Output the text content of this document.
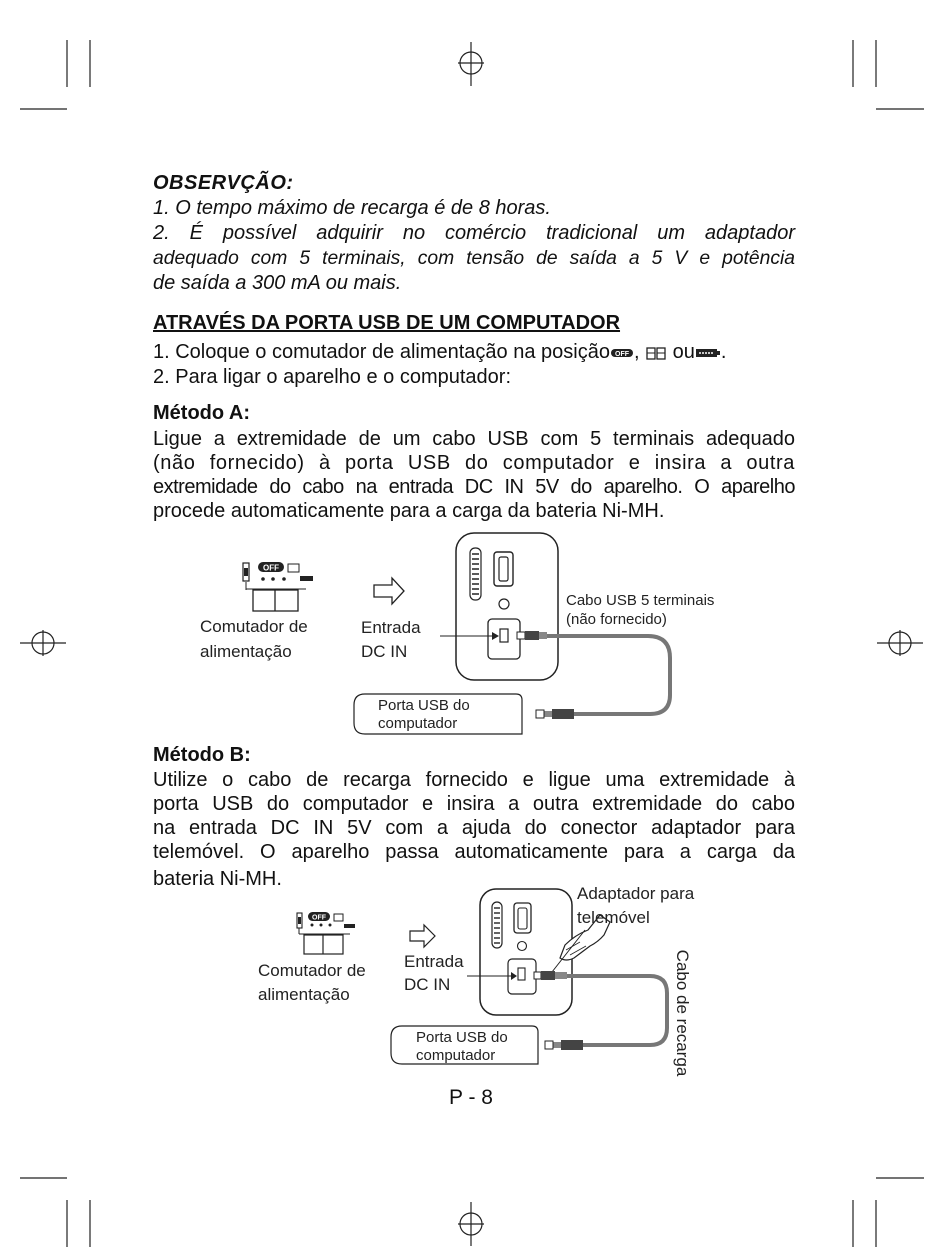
OBSERVÇÃO:
1. O tempo máximo de recarga é de 8 horas.
2. É possível adquirir no comércio tradicional um adaptador
adequado com 5 terminais, com tensão de saída a 5 V e potência
de saída a 300 mA ou mais.
ATRAVÉS DA PORTA USB DE UM COMPUTADOR
1. Coloque o comutador de alimentação na posição OFF , ou .
2. Para ligar o aparelho e o computador:
Método A:
Ligue a extremidade de um cabo USB com 5 terminais adequado
(não fornecido) à porta USB do computador e insira a outra
extremidade do cabo na entrada DC IN 5V do aparelho. O aparelho
procede automaticamente para a carga da bateria Ni-MH.
OFF
Comutador de
alimentação
Entrada
DC IN
Cabo USB 5 terminais
(não fornecido)
Porta USB do
computador
Método B:
Utilize o cabo de recarga fornecido e ligue uma extremidade à
porta USB do computador e insira a outra extremidade do cabo
na entrada DC IN 5V com a ajuda do conector adaptador para
telemóvel. O aparelho passa automaticamente para a carga da
bateria Ni-MH.
OFF
Comutador de
alimentação
Entrada
DC IN
Adaptador para
telemóvel
Cabo de recarga
Porta USB do
computador
P - 8
